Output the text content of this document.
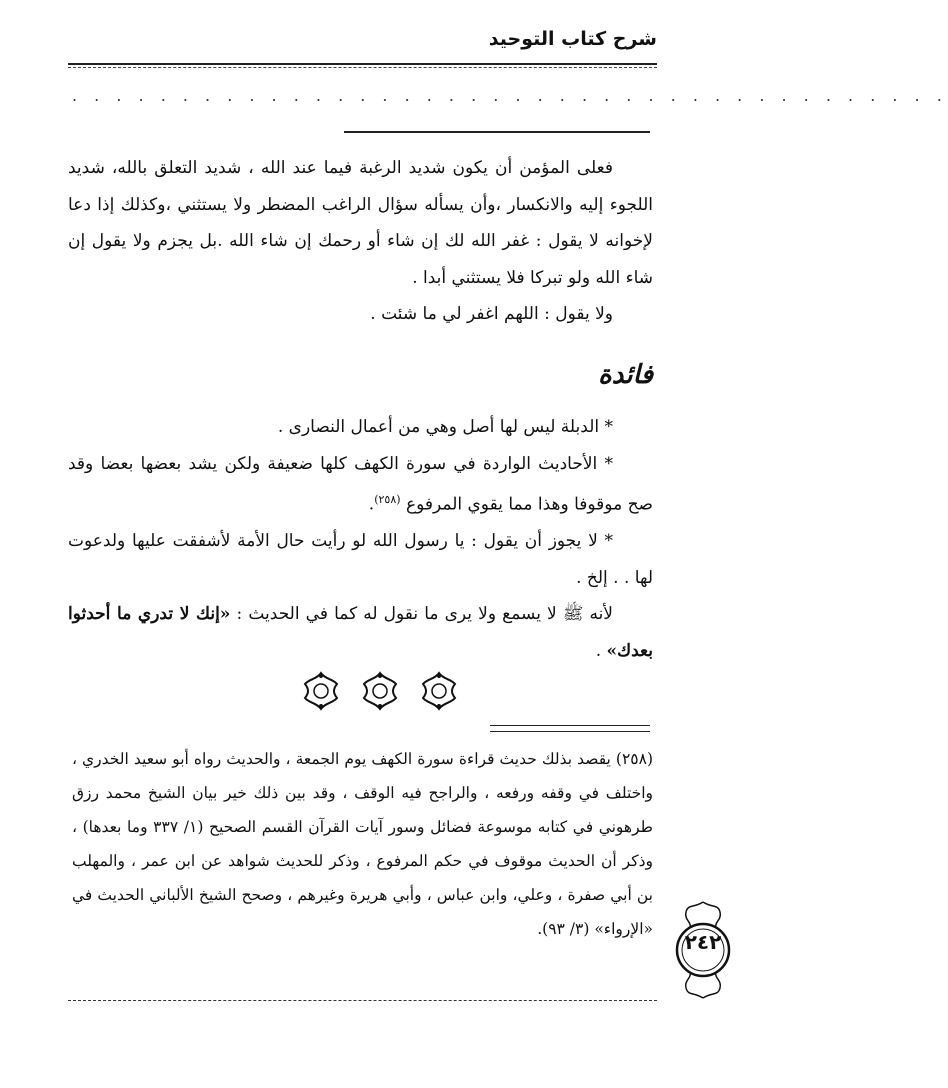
شرح كتاب التوحيد
. . . . . . . . . . . . . . . . . . . . . . . . . . . . . . . . . . . . . . . .

فعلى المؤمن أن يكون شديد الرغبة فيما عند الله ، شديد التعلق بالله، شديد اللجوء إليه والانكسار ،وأن يسأله سؤال الراغب المضطر ولا يستثني ،وكذلك إذا دعا لإخوانه لا يقول : غفر الله لك إن شاء أو رحمك إن شاء الله .بل يجزم ولا يقول إن شاء الله ولو تبركا فلا يستثني أبدا .

ولا يقول : اللهم اغفر لي ما شئت .

فائدة

* الدبلة ليس لها أصل وهي من أعمال النصارى .

* الأحاديث الواردة في سورة الكهف كلها ضعيفة ولكن يشد بعضها بعضا وقد صح موقوفا وهذا مما يقوي المرفوع $^{(٢٥٨)}$.

* لا يجوز أن يقول : يا رسول الله لو رأيت حال الأمة لأشفقت عليها ولدعوت لها . . إلخ .

لأنه ﷺ لا يسمع ولا يرى ما نقول له كما في الحديث : «إنك لا تدري ما أحدثوا بعدك» .

(٢٥٨) يقصد بذلك حديث قراءة سورة الكهف يوم الجمعة ، والحديث رواه أبو سعيد الخدري ، واختلف في وقفه ورفعه ، والراجح فيه الوقف ، وقد بين ذلك خير بيان الشيخ محمد رزق طرهوني في كتابه موسوعة فضائل وسور آيات القرآن القسم الصحيح (١/ ٣٣٧ وما بعدها) ، وذكر أن الحديث موقوف في حكم المرفوع ، وذكر للحديث شواهد عن ابن عمر ، والمهلب بن أبي صفرة ، وعلي، وابن عباس ، وأبي هريرة وغيرهم ، وصحح الشيخ الألباني الحديث في «الإرواء» (٣/ ٩٣).

٢٤٢
